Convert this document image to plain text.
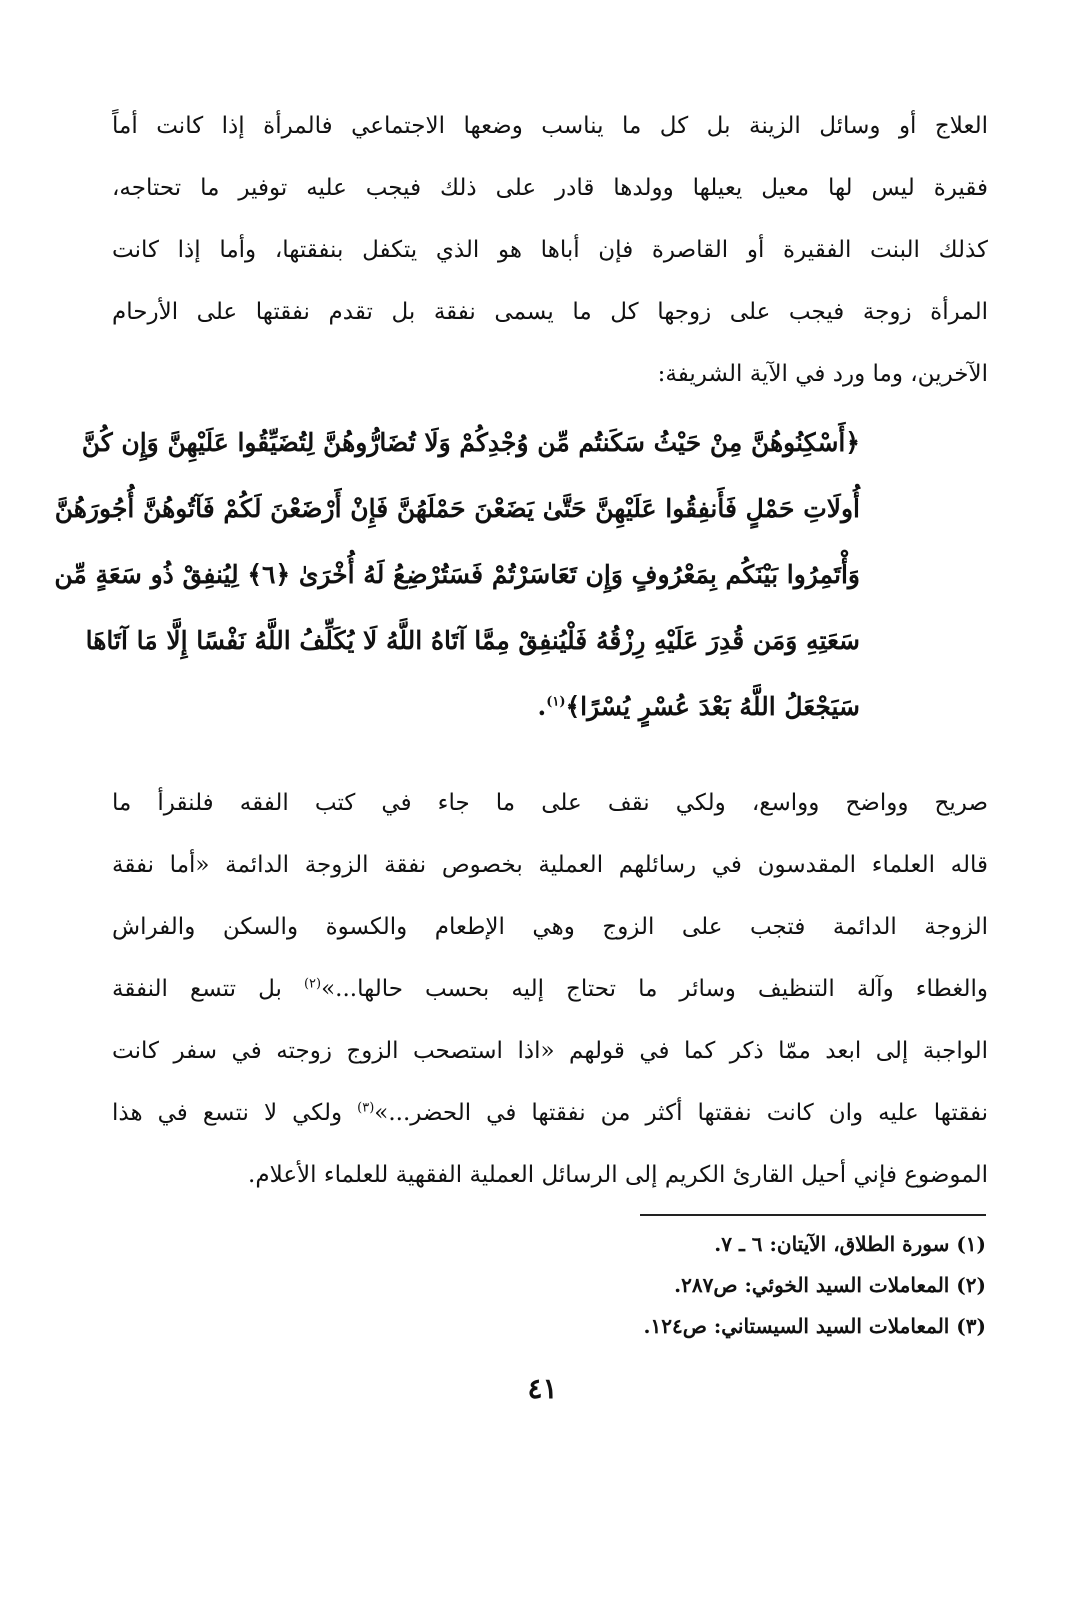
العلاج أو وسائل الزينة بل كل ما يناسب وضعها الاجتماعي فالمرأة إذا كانت أماً
فقيرة ليس لها معيل يعيلها وولدها قادر على ذلك فيجب عليه توفير ما تحتاجه،
كذلك البنت الفقيرة أو القاصرة فإن أباها هو الذي يتكفل بنفقتها، وأما إذا كانت
المرأة زوجة فيجب على زوجها كل ما يسمى نفقة بل تقدم نفقتها على الأرحام
الآخرين، وما ورد في الآية الشريفة:
﴿أَسْكِنُوهُنَّ مِنْ حَيْثُ سَكَنتُم مِّن وُجْدِكُمْ وَلَا تُضَارُّوهُنَّ لِتُضَيِّقُوا عَلَيْهِنَّ وَإِن كُنَّ
أُولَاتِ حَمْلٍ فَأَنفِقُوا عَلَيْهِنَّ حَتَّىٰ يَضَعْنَ حَمْلَهُنَّ فَإِنْ أَرْضَعْنَ لَكُمْ فَآتُوهُنَّ أُجُورَهُنَّ
وَأْتَمِرُوا بَيْنَكُم بِمَعْرُوفٍ وَإِن تَعَاسَرْتُمْ فَسَتُرْضِعُ لَهُ أُخْرَىٰ ﴿٦﴾ لِيُنفِقْ ذُو سَعَةٍ مِّن
سَعَتِهِ وَمَن قُدِرَ عَلَيْهِ رِزْقُهُ فَلْيُنفِقْ مِمَّا آتَاهُ اللَّهُ لَا يُكَلِّفُ اللَّهُ نَفْسًا إِلَّا مَا آتَاهَا
سَيَجْعَلُ اللَّهُ بَعْدَ عُسْرٍ يُسْرًا﴾$^{(١)}$.
صريح وواضح وواسع، ولكي نقف على ما جاء في كتب الفقه فلنقرأ ما
قاله العلماء المقدسون في رسائلهم العملية بخصوص نفقة الزوجة الدائمة «أما نفقة
الزوجة الدائمة فتجب على الزوج وهي الإطعام والكسوة والسكن والفراش
والغطاء وآلة التنظيف وسائر ما تحتاج إليه بحسب حالها...»$^{(٢)}$ بل تتسع النفقة
الواجبة إلى ابعد ممّا ذكر كما في قولهم «اذا استصحب الزوج زوجته في سفر كانت
نفقتها عليه وان كانت نفقتها أكثر من نفقتها في الحضر...»$^{(٣)}$ ولكي لا نتسع في هذا
الموضوع فإني أحيل القارئ الكريم إلى الرسائل العملية الفقهية للعلماء الأعلام.
(١) سورة الطلاق، الآيتان: ٦ ـ ٧.
(٢) المعاملات السيد الخوئي: ص٢٨٧.
(٣) المعاملات السيد السيستاني: ص١٢٤.
٤١
